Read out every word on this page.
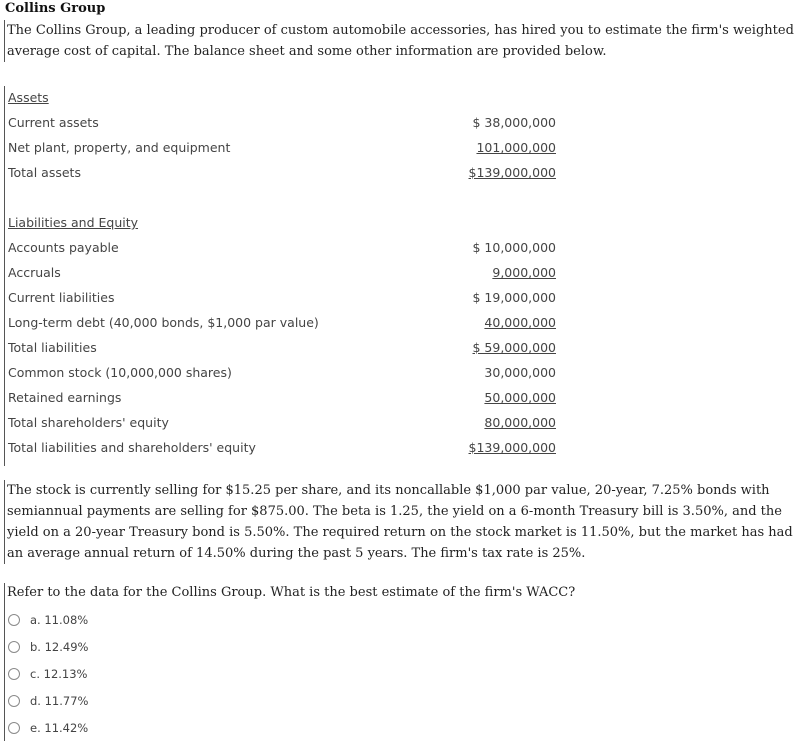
Collins Group
The Collins Group, a leading producer of custom automobile accessories, has hired you to estimate the firm's weighted average cost of capital. The balance sheet and some other information are provided below.
Assets
Current assets	$ 38,000,000
Net plant, property, and equipment	101,000,000
Total assets	$139,000,000
Liabilities and Equity
Accounts payable	$ 10,000,000
Accruals	9,000,000
Current liabilities	$ 19,000,000
Long-term debt (40,000 bonds, $1,000 par value)	40,000,000
Total liabilities	$ 59,000,000
Common stock (10,000,000 shares)	30,000,000
Retained earnings	50,000,000
Total shareholders' equity	80,000,000
Total liabilities and shareholders' equity	$139,000,000
The stock is currently selling for $15.25 per share, and its noncallable $1,000 par value, 20-year, 7.25% bonds with semiannual payments are selling for $875.00. The beta is 1.25, the yield on a 6-month Treasury bill is 3.50%, and the yield on a 20-year Treasury bond is 5.50%. The required return on the stock market is 11.50%, but the market has had an average annual return of 14.50% during the past 5 years. The firm's tax rate is 25%.
Refer to the data for the Collins Group. What is the best estimate of the firm's WACC?
a. 11.08%
b. 12.49%
c. 12.13%
d. 11.77%
e. 11.42%
